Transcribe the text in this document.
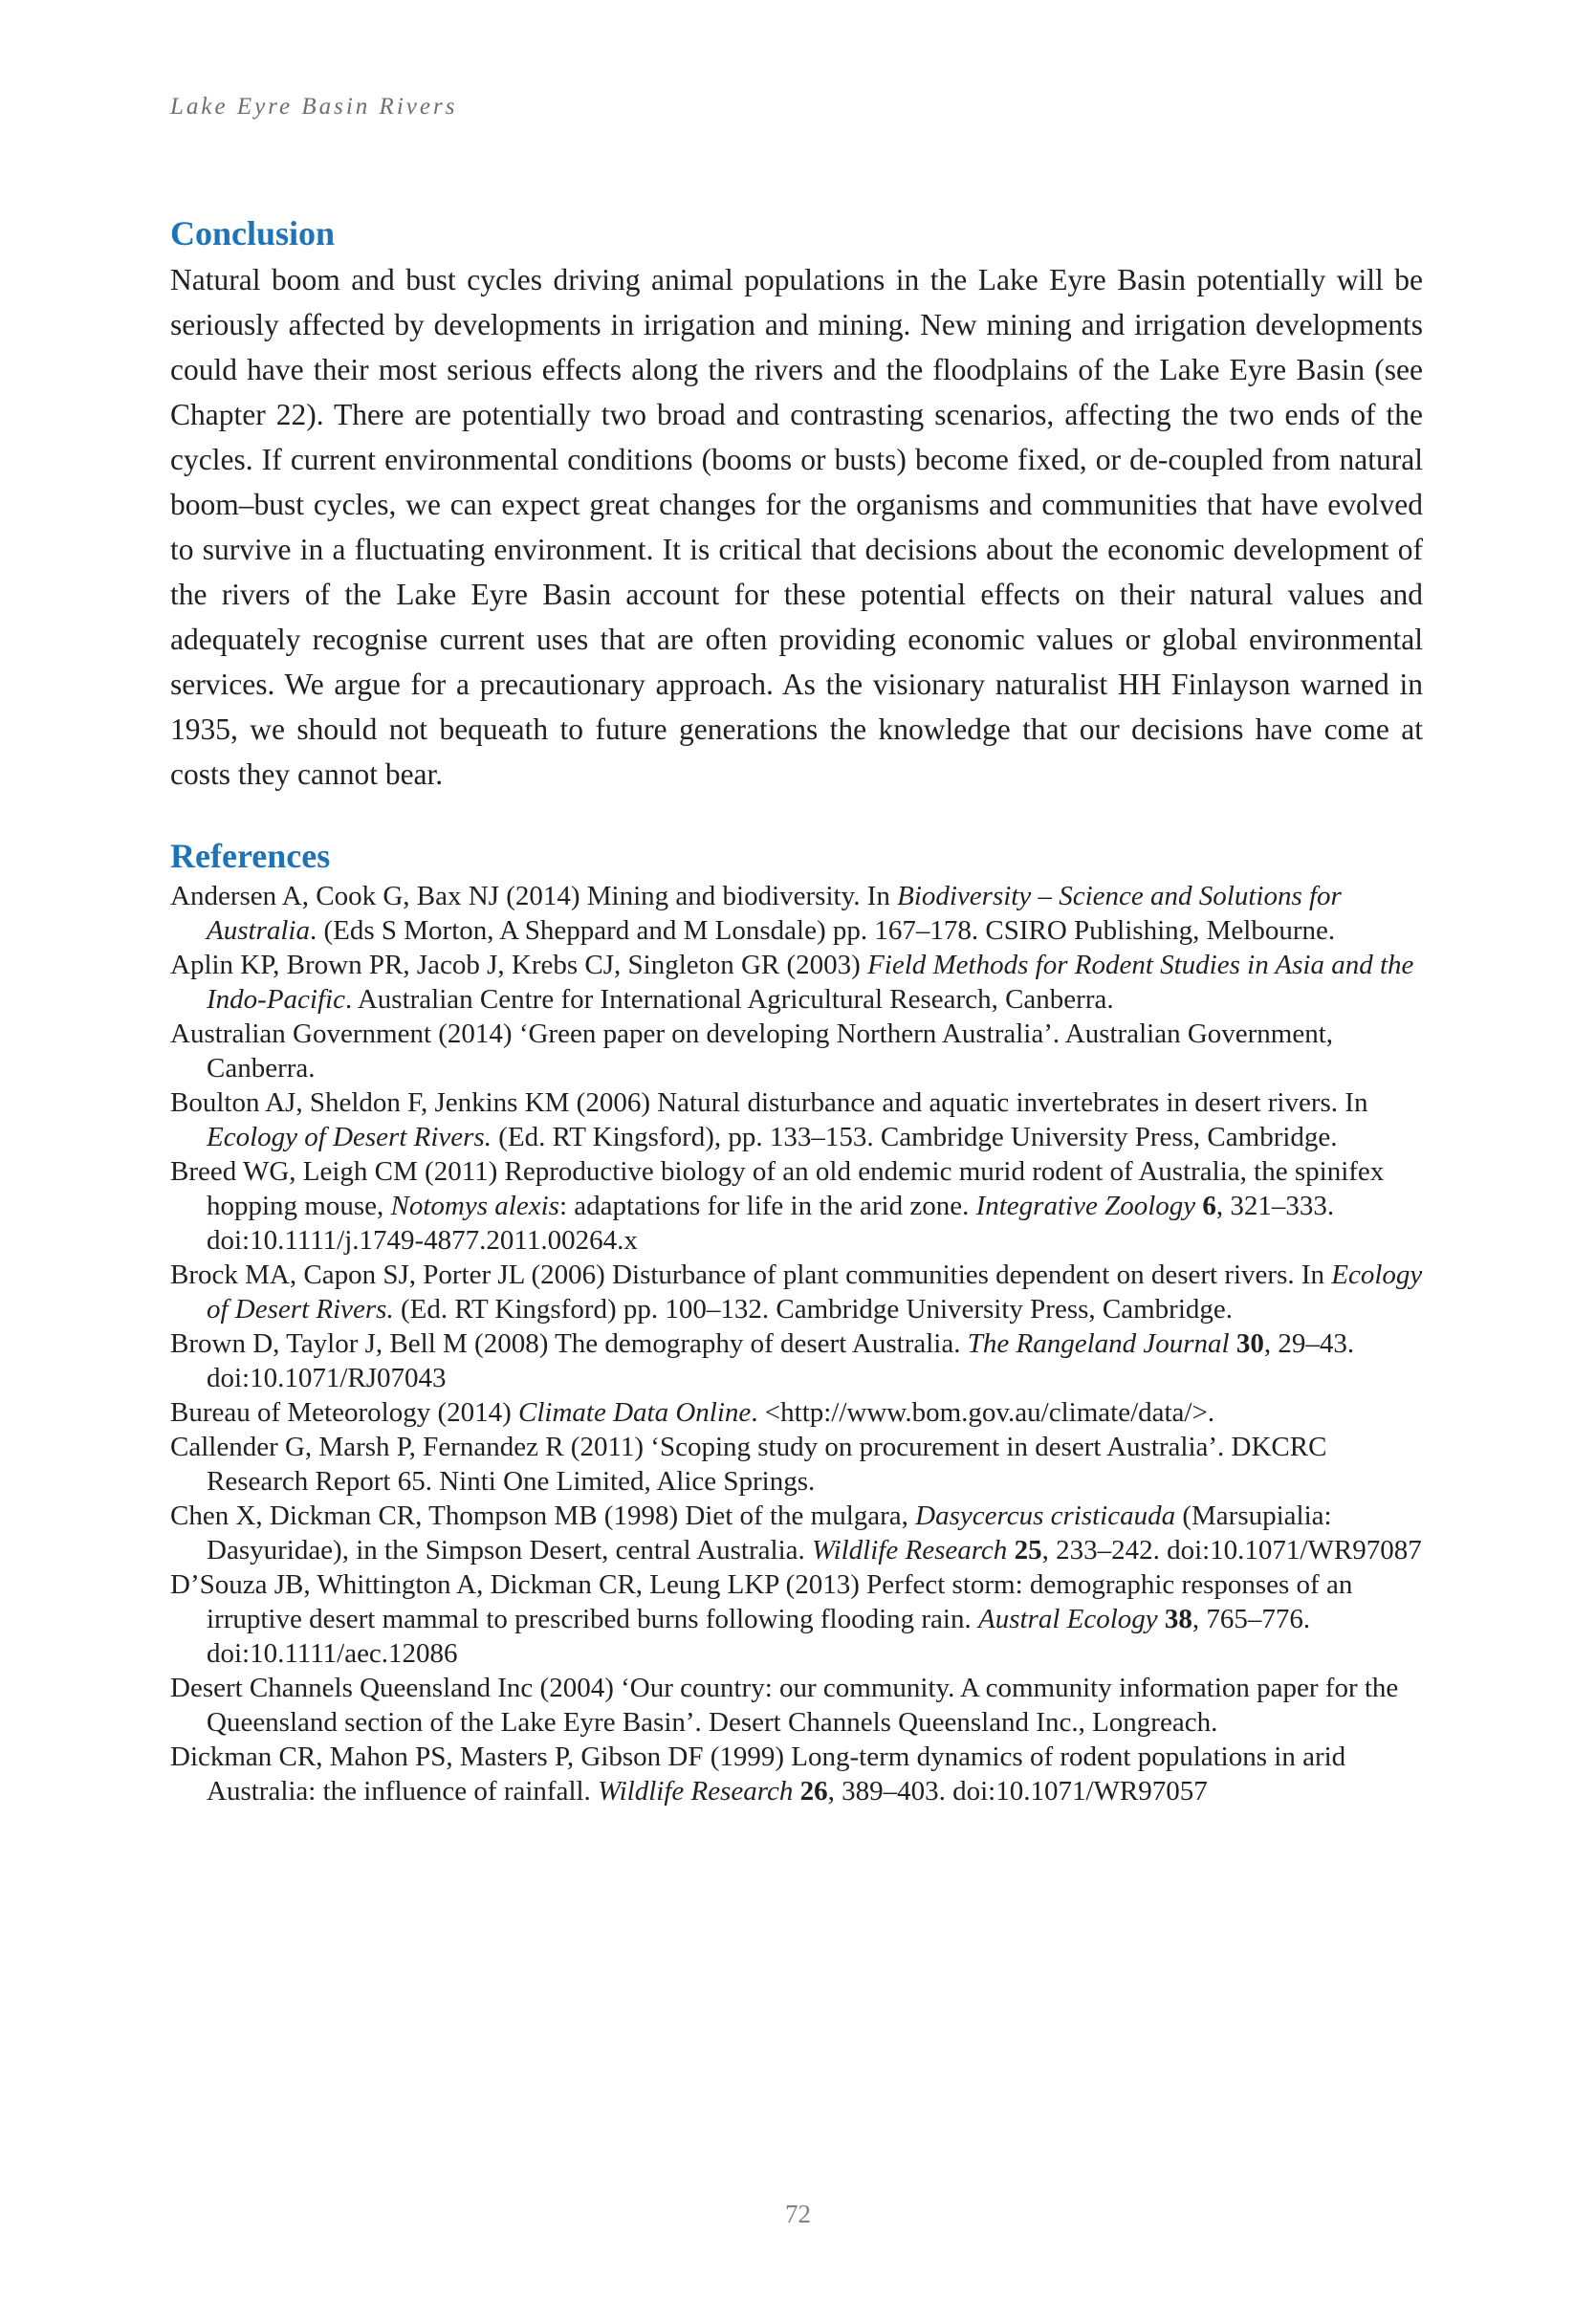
Lake Eyre Basin Rivers
Conclusion

Natural boom and bust cycles driving animal populations in the Lake Eyre Basin potentially will be seriously affected by developments in irrigation and mining. New mining and irrigation developments could have their most serious effects along the rivers and the floodplains of the Lake Eyre Basin (see Chapter 22). There are potentially two broad and contrasting scenarios, affecting the two ends of the cycles. If current environmental conditions (booms or busts) become fixed, or de-coupled from natural boom–bust cycles, we can expect great changes for the organisms and communities that have evolved to survive in a fluctuating environment. It is critical that decisions about the economic development of the rivers of the Lake Eyre Basin account for these potential effects on their natural values and adequately recognise current uses that are often providing economic values or global environmental services. We argue for a precautionary approach. As the visionary naturalist HH Finlayson warned in 1935, we should not bequeath to future generations the knowledge that our decisions have come at costs they cannot bear.

References

Andersen A, Cook G, Bax NJ (2014) Mining and biodiversity. In Biodiversity – Science and Solutions for Australia. (Eds S Morton, A Sheppard and M Lonsdale) pp. 167–178. CSIRO Publishing, Melbourne.

Aplin KP, Brown PR, Jacob J, Krebs CJ, Singleton GR (2003) Field Methods for Rodent Studies in Asia and the Indo-Pacific. Australian Centre for International Agricultural Research, Canberra.

Australian Government (2014) ‘Green paper on developing Northern Australia’. Australian Government, Canberra.

Boulton AJ, Sheldon F, Jenkins KM (2006) Natural disturbance and aquatic invertebrates in desert rivers. In Ecology of Desert Rivers. (Ed. RT Kingsford), pp. 133–153. Cambridge University Press, Cambridge.

Breed WG, Leigh CM (2011) Reproductive biology of an old endemic murid rodent of Australia, the spinifex hopping mouse, Notomys alexis: adaptations for life in the arid zone. Integrative Zoology 6, 321–333. doi:10.1111/j.1749-4877.2011.00264.x

Brock MA, Capon SJ, Porter JL (2006) Disturbance of plant communities dependent on desert rivers. In Ecology of Desert Rivers. (Ed. RT Kingsford) pp. 100–132. Cambridge University Press, Cambridge.

Brown D, Taylor J, Bell M (2008) The demography of desert Australia. The Rangeland Journal 30, 29–43. doi:10.1071/RJ07043

Bureau of Meteorology (2014) Climate Data Online. <http://www.bom.gov.au/climate/data/>.

Callender G, Marsh P, Fernandez R (2011) ‘Scoping study on procurement in desert Australia’. DKCRC Research Report 65. Ninti One Limited, Alice Springs.

Chen X, Dickman CR, Thompson MB (1998) Diet of the mulgara, Dasycercus cristicauda (Marsupialia: Dasyuridae), in the Simpson Desert, central Australia. Wildlife Research 25, 233–242. doi:10.1071/WR97087

D’Souza JB, Whittington A, Dickman CR, Leung LKP (2013) Perfect storm: demographic responses of an irruptive desert mammal to prescribed burns following flooding rain. Austral Ecology 38, 765–776. doi:10.1111/aec.12086

Desert Channels Queensland Inc (2004) ‘Our country: our community. A community information paper for the Queensland section of the Lake Eyre Basin’. Desert Channels Queensland Inc., Longreach.

Dickman CR, Mahon PS, Masters P, Gibson DF (1999) Long-term dynamics of rodent populations in arid Australia: the influence of rainfall. Wildlife Research 26, 389–403. doi:10.1071/WR97057

72
